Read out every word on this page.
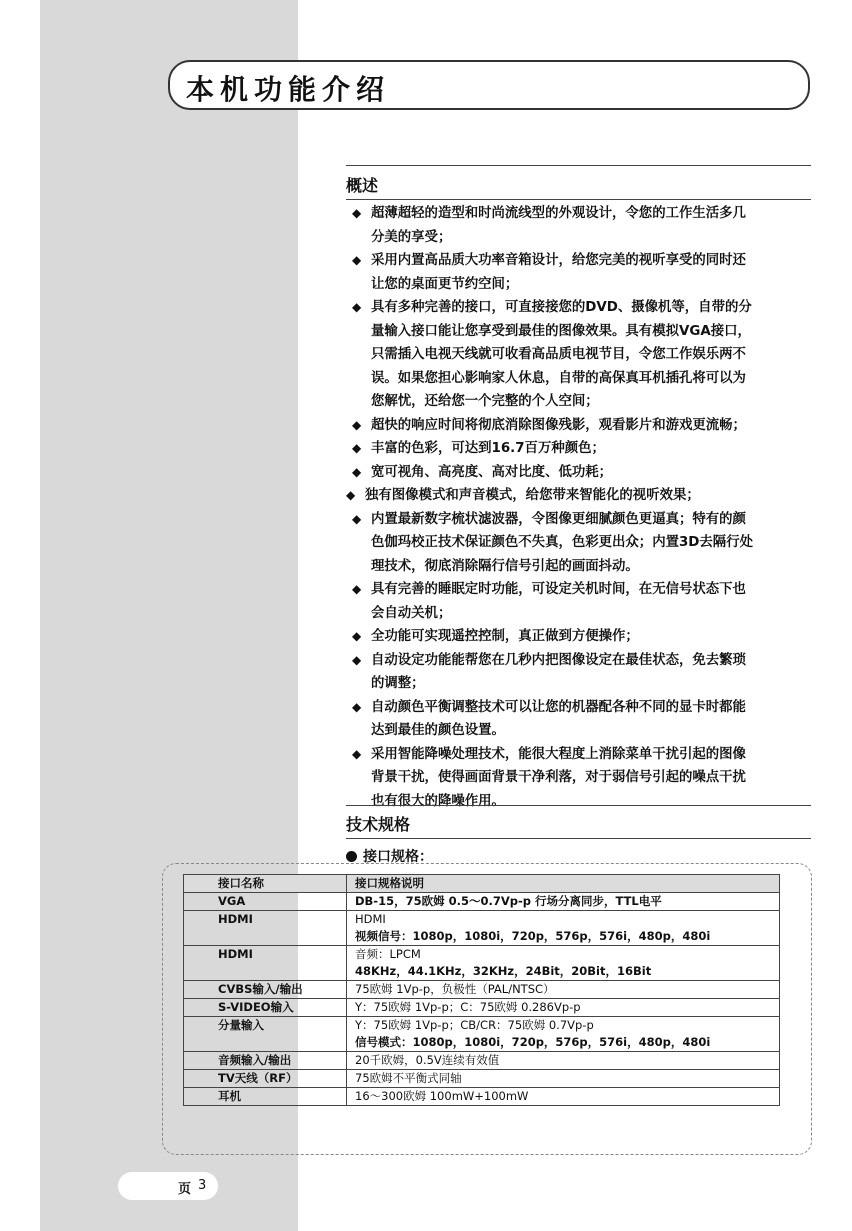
本机功能介绍
概述
◆ 超薄超轻的造型和时尚流线型的外观设计，令您的工作生活多几
分美的享受；
◆ 采用内置高品质大功率音箱设计，给您完美的视听享受的同时还
让您的桌面更节约空间；
◆ 具有多种完善的接口，可直接接您的DVD、摄像机等，自带的分
量输入接口能让您享受到最佳的图像效果。具有模拟VGA接口，
只需插入电视天线就可收看高品质电视节目，令您工作娱乐两不
误。如果您担心影响家人休息，自带的高保真耳机插孔将可以为
您解忧，还给您一个完整的个人空间；
◆ 超快的响应时间将彻底消除图像残影，观看影片和游戏更流畅；
◆ 丰富的色彩，可达到16.7百万种颜色；
◆ 宽可视角、高亮度、高对比度、低功耗；
◆ 独有图像模式和声音模式，给您带来智能化的视听效果；
◆ 内置最新数字梳状滤波器，令图像更细腻颜色更逼真；特有的颜
色伽玛校正技术保证颜色不失真，色彩更出众；内置3D去隔行处
理技术，彻底消除隔行信号引起的画面抖动。
◆ 具有完善的睡眠定时功能，可设定关机时间，在无信号状态下也
会自动关机；
◆ 全功能可实现遥控控制，真正做到方便操作；
◆ 自动设定功能能帮您在几秒内把图像设定在最佳状态，免去繁琐
的调整；
◆ 自动颜色平衡调整技术可以让您的机器配各种不同的显卡时都能
达到最佳的颜色设置。
◆ 采用智能降噪处理技术，能很大程度上消除菜单干扰引起的图像
背景干扰，使得画面背景干净利落，对于弱信号引起的噪点干扰
也有很大的降噪作用。
技术规格
接口规格：
接口名称	接口规格说明
VGA	DB-15，75欧姆 0.5～0.7Vp-p 行场分离同步，TTL电平

HDMI	HDMI
视频信号：1080p，1080i，720p，576p，576i，480p，480i

HDMI	音频：LPCM
48KHz，44.1KHz，32KHz，24Bit，20Bit，16Bit

CVBS输入/输出	75欧姆 1Vp-p，负极性（PAL/NTSC）

S-VIDEO输入	Y：75欧姆 1Vp-p；C：75欧姆 0.286Vp-p

分量输入	Y：75欧姆 1Vp-p；CB/CR：75欧姆 0.7Vp-p
信号模式：1080p，1080i，720p，576p，576i，480p，480i

音频输入/输出	20千欧姆，0.5V连续有效值

TV天线（RF）	75欧姆不平衡式同轴

耳机	16～300欧姆 100mW+100mW
页 3
